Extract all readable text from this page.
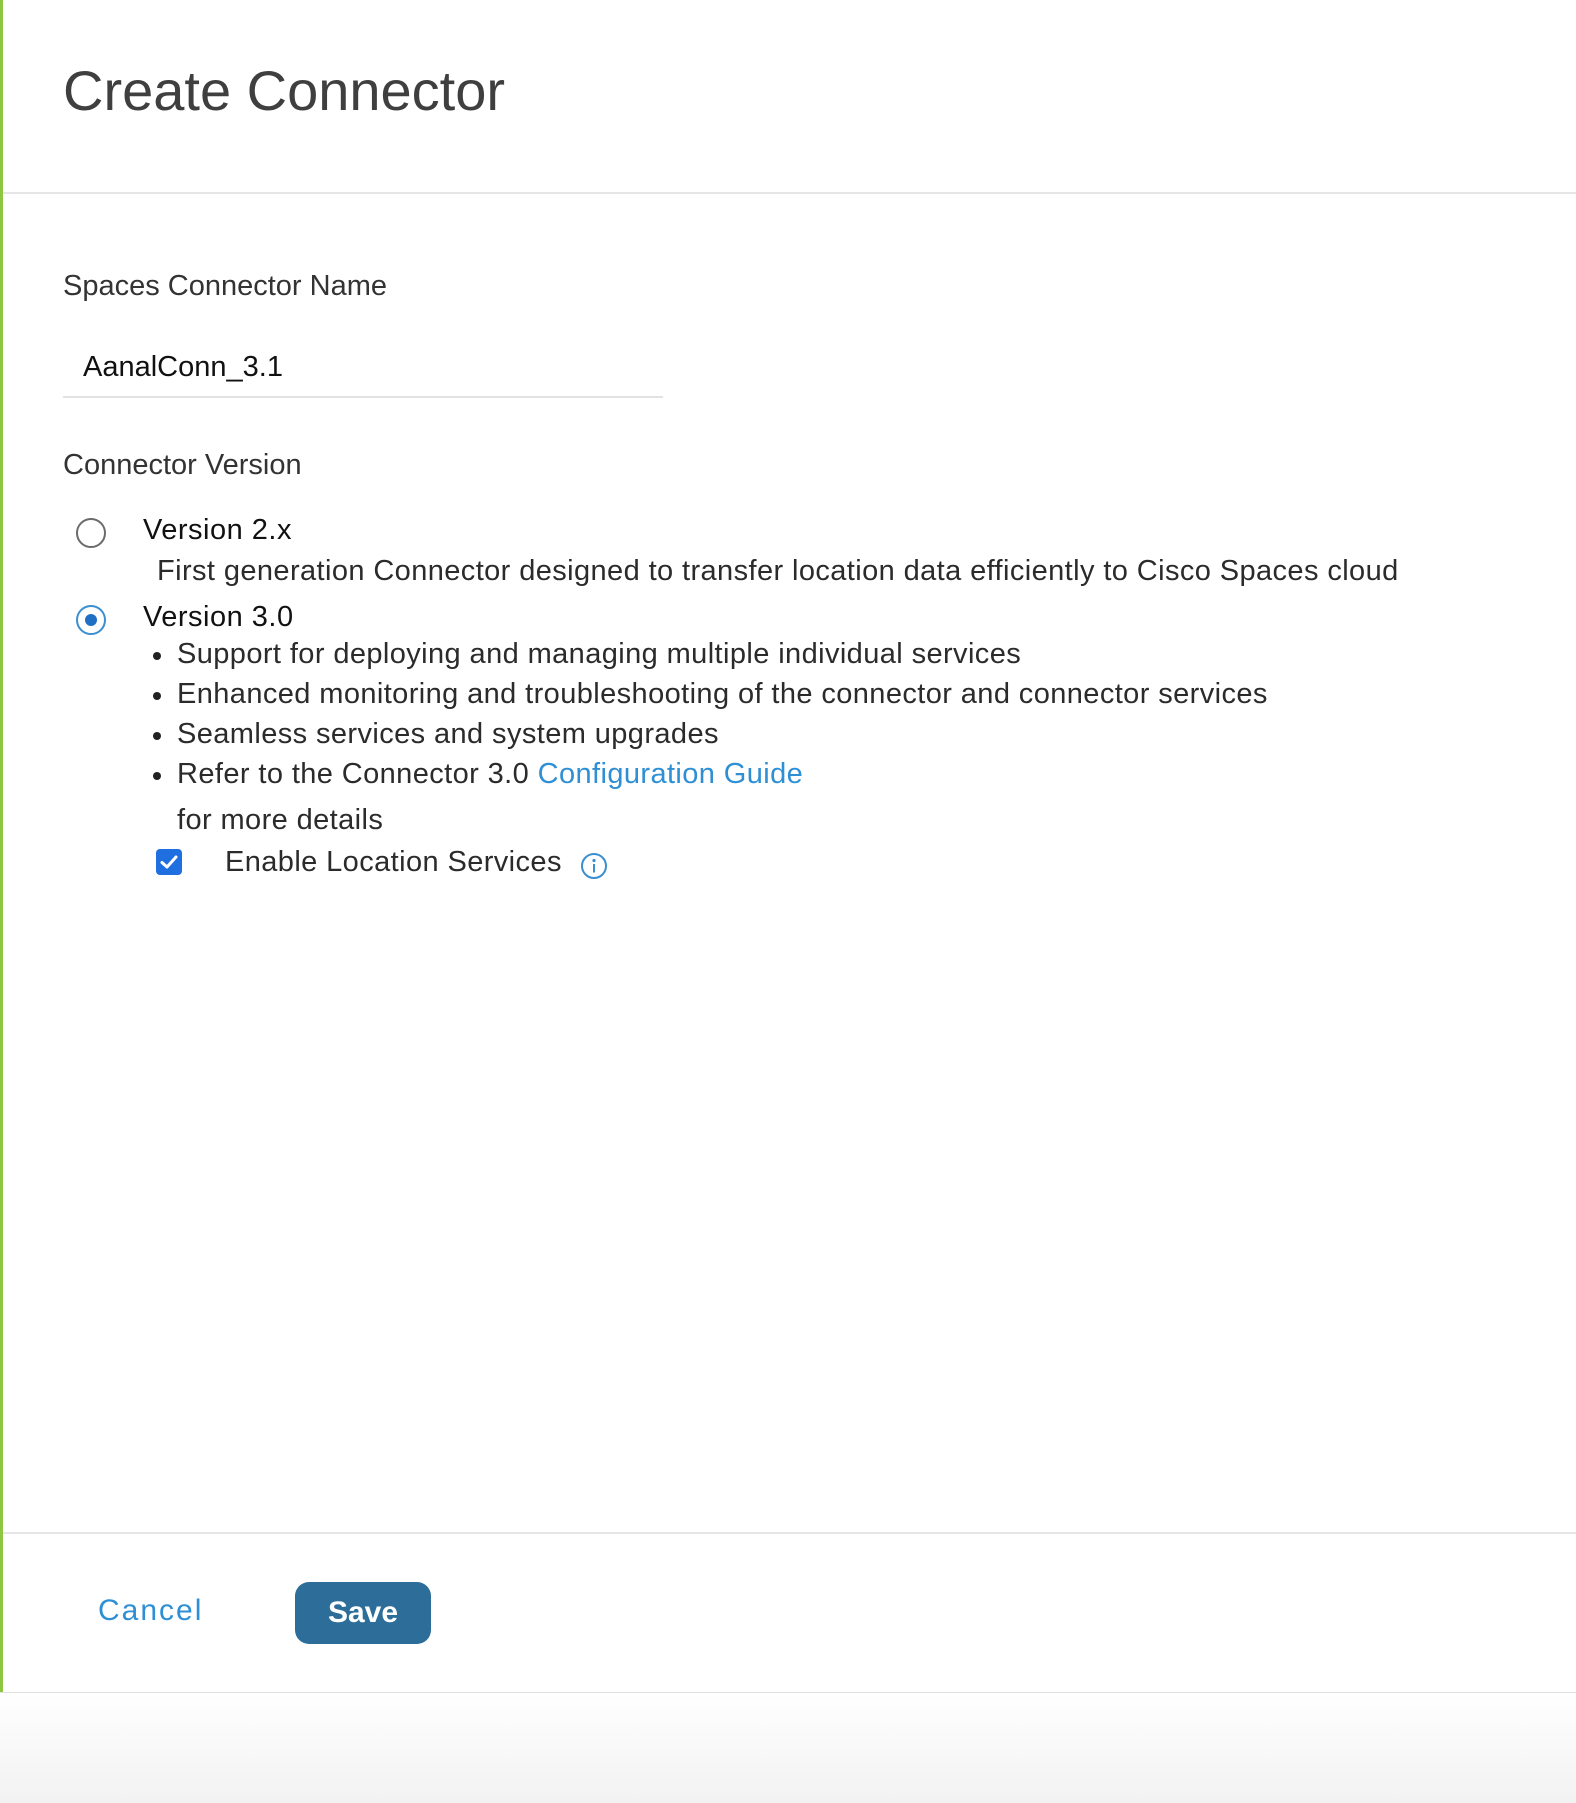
Create Connector
Spaces Connector Name
AanalConn_3.1
Connector Version
Version 2.x
First generation Connector designed to transfer location data efficiently to Cisco Spaces cloud
Version 3.0
Support for deploying and managing multiple individual services
Enhanced monitoring and troubleshooting of the connector and connector services
Seamless services and system upgrades
Refer to the Connector 3.0 Configuration Guide
for more details
Enable Location Services
Cancel	Save
